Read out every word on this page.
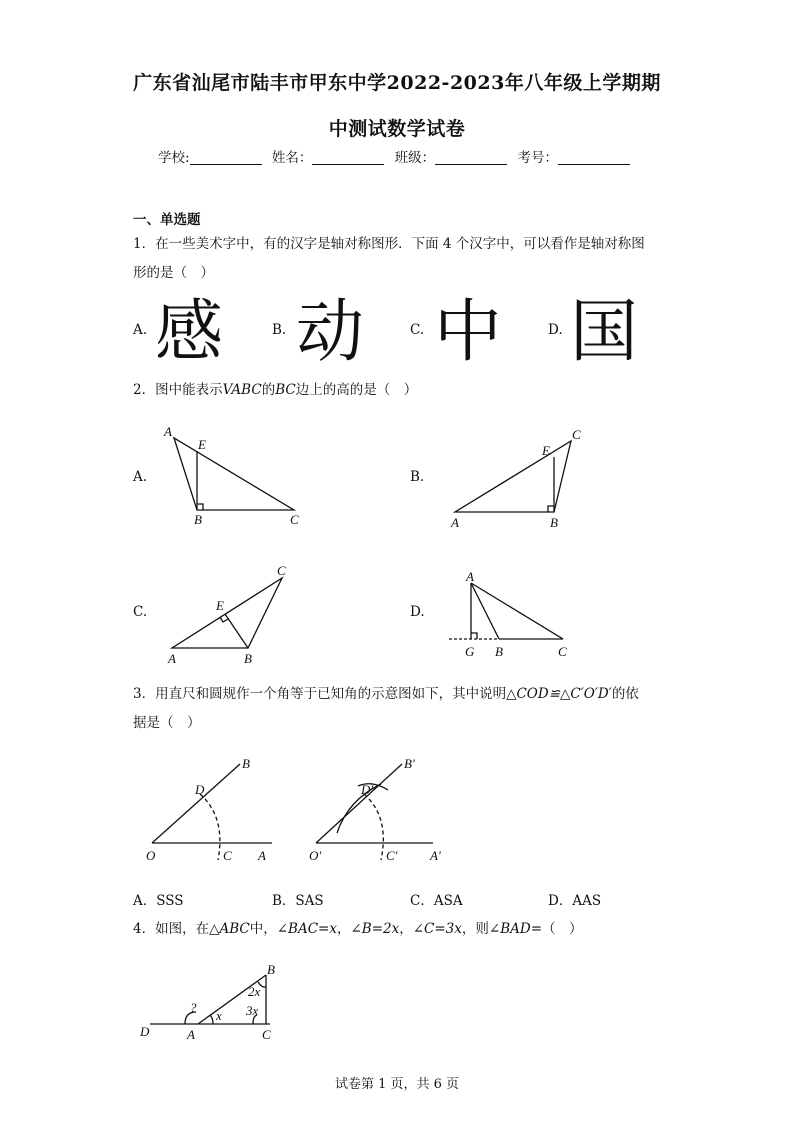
广东省汕尾市陆丰市甲东中学2022-2023年八年级上学期期
中测试数学试卷
学校:	姓名：	班级：	考号：
一、单选题
1．在一些美术字中，有的汉字是轴对称图形．下面 4 个汉字中，可以看作是轴对称图
形的是（　）
A. 感	B. 动	C. 中	D. 国
2．图中能表示VABC的BC边上的高的是（　）
A.	B.
C.	D.
A
E
B	C	A
E
B
C
A
E
B
C	A
G B	C
O	C A
D
B
O′	C′ A′
D′
B′
D	A	C
B
?
x
2x
3x
3．用直尺和圆规作一个角等于已知角的示意图如下，其中说明△COD≌△C′O′D′的依
据是（　）
A．SSS	B．SAS	C．ASA	D．AAS
4．如图，在△ABC中，∠BAC=x，∠B=2x，∠C=3x，则∠BAD=（　）
试卷第 1 页，共 6 页
